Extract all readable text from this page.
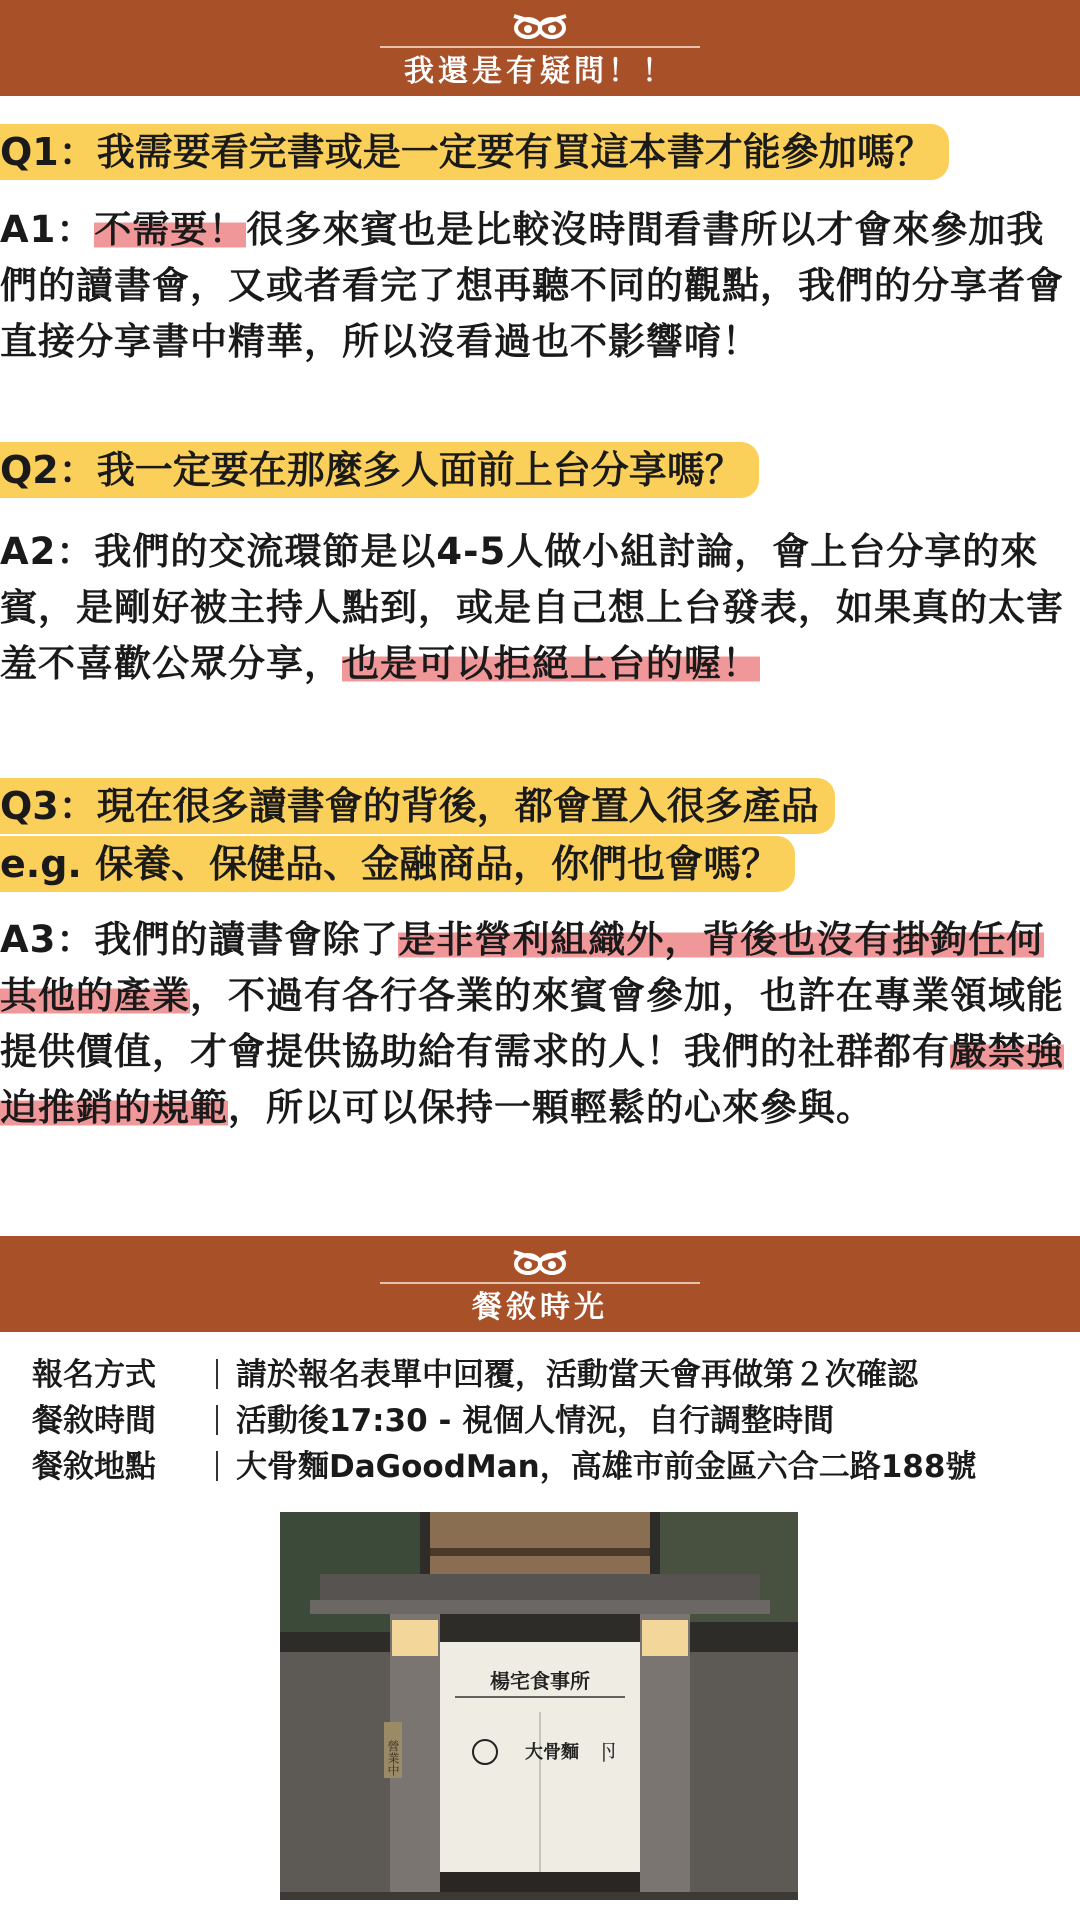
我還是有疑問！！
Q1：我需要看完書或是一定要有買這本書才能參加嗎？
A1：不需要！很多來賓也是比較沒時間看書所以才會來參加我們的讀書會，又或者看完了想再聽不同的觀點，我們的分享者會直接分享書中精華，所以沒看過也不影響唷！
Q2：我一定要在那麼多人面前上台分享嗎？
A2：我們的交流環節是以4-5人做小組討論，會上台分享的來賓，是剛好被主持人點到，或是自己想上台發表，如果真的太害羞不喜歡公眾分享，也是可以拒絕上台的喔！
Q3：現在很多讀書會的背後，都會置入很多產品
e.g. 保養、保健品、金融商品，你們也會嗎？
A3：我們的讀書會除了是非營利組織外，背後也沒有掛鉤任何其他的產業，不過有各行各業的來賓會參加，也許在專業領域能提供價值，才會提供協助給有需求的人！我們的社群都有嚴禁強迫推銷的規範，所以可以保持一顆輕鬆的心來參與。
餐敘時光
報名方式	請於報名表單中回覆，活動當天會再做第２次確認
餐敘時間	活動後17:30 - 視個人情況，自行調整時間
餐敘地點	大骨麵DaGoodMan，高雄市前金區六合二路188號
楊宅食事所
大骨麵 卪
營業中
